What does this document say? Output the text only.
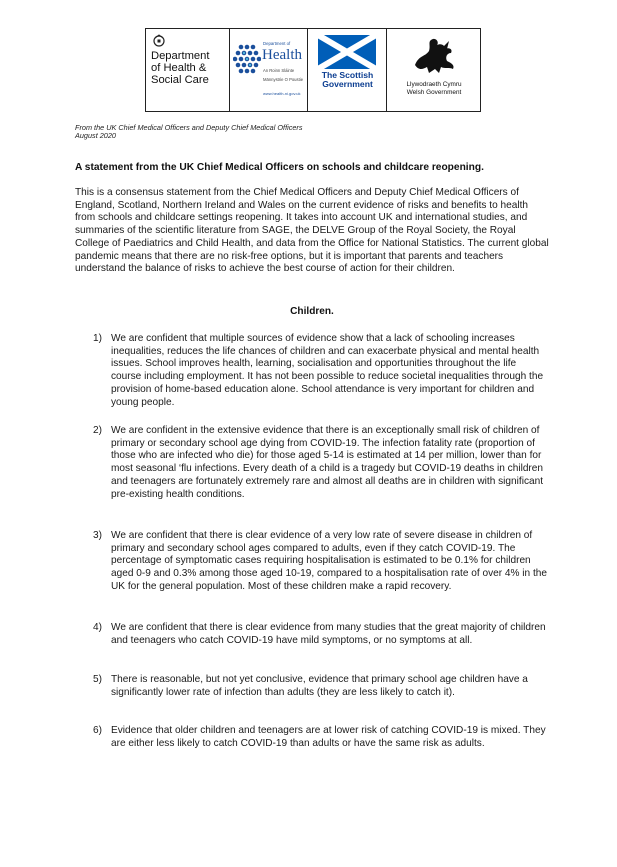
Department
of Health &
Social Care
Department of
Health
An Roinn Sláinte
Männystrie O Poustie
www.health-ni.gov.uk
The Scottish
Government	Llywodraeth Cymru
Welsh Government
From the UK Chief Medical Officers and Deputy Chief Medical Officers
August 2020
A statement from the UK Chief Medical Officers on schools and childcare reopening.
This is a consensus statement from the Chief Medical Officers and Deputy Chief Medical Officers of England, Scotland, Northern Ireland and Wales on the current evidence of risks and benefits to health from schools and childcare settings reopening. It takes into account UK and international studies, and summaries of the scientific literature from SAGE, the DELVE Group of the Royal Society, the Royal College of Paediatrics and Child Health, and data from the Office for National Statistics. The current global pandemic means that there are no risk-free options, but it is important that parents and teachers understand the balance of risks to achieve the best course of action for their children.
Children.
1) We are confident that multiple sources of evidence show that a lack of schooling increases inequalities, reduces the life chances of children and can exacerbate physical and mental health issues. School improves health, learning, socialisation and opportunities throughout the life course including employment. It has not been possible to reduce societal inequalities through the provision of home-based education alone. School attendance is very important for children and young people.
2) We are confident in the extensive evidence that there is an exceptionally small risk of children of primary or secondary school age dying from COVID-19. The infection fatality rate (proportion of those who are infected who die) for those aged 5-14 is estimated at 14 per million, lower than for most seasonal ‘flu infections. Every death of a child is a tragedy but COVID-19 deaths in children and teenagers are fortunately extremely rare and almost all deaths are in children with significant pre-existing health conditions.
3) We are confident that there is clear evidence of a very low rate of severe disease in children of primary and secondary school ages compared to adults, even if they catch COVID-19. The percentage of symptomatic cases requiring hospitalisation is estimated to be 0.1% for children aged 0-9 and 0.3% among those aged 10-19, compared to a hospitalisation rate of over 4% in the UK for the general population. Most of these children make a rapid recovery.
4) We are confident that there is clear evidence from many studies that the great majority of children and teenagers who catch COVID-19 have mild symptoms, or no symptoms at all.
5) There is reasonable, but not yet conclusive, evidence that primary school age children have a significantly lower rate of infection than adults (they are less likely to catch it).
6) Evidence that older children and teenagers are at lower risk of catching COVID-19 is mixed. They are either less likely to catch COVID-19 than adults or have the same risk as adults.
